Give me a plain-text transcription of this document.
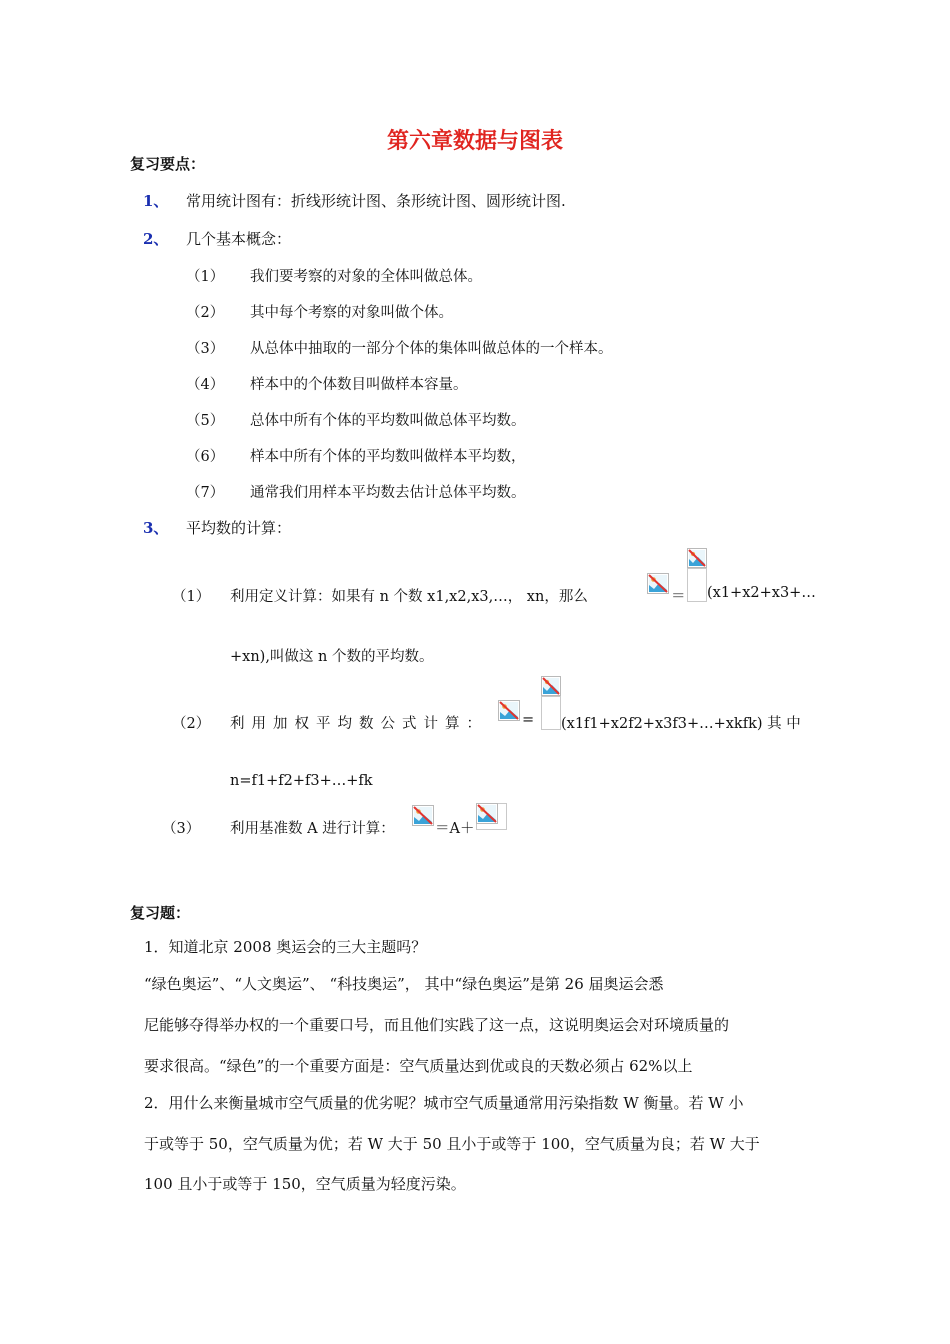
第六章数据与图表
复习要点：
1、 常用统计图有：折线形统计图、条形统计图、圆形统计图.
2、 几个基本概念：
（1） 我们要考察的对象的全体叫做总体。
（2） 其中每个考察的对象叫做个体。
（3） 从总体中抽取的一部分个体的集体叫做总体的一个样本。
（4） 样本中的个体数目叫做样本容量。
（5） 总体中所有个体的平均数叫做总体平均数。
（6） 样本中所有个体的平均数叫做样本平均数，
（7） 通常我们用样本平均数去估计总体平均数。
3、 平均数的计算：
（1） 利用定义计算：如果有 n 个数 x1,x2,x3,…， xn，那么	＝ (x1+x2+x3+…
+xn),叫做这 n 个数的平均数。
（2） 利用加权平均数公式计算： = (x1f1+x2f2+x3f3+…+xkfk) 其 中
n=f1+f2+f3+…+fk
（3） 利用基准数 A 进行计算：	＝A＋
复习题：
1．知道北京 2008 奥运会的三大主题吗？
“绿色奥运”、“人文奥运”、 “科技奥运”， 其中“绿色奥运”是第 26 届奥运会悉
尼能够夺得举办权的一个重要口号，而且他们实践了这一点，这说明奥运会对环境质量的
要求很高。“绿色”的一个重要方面是：空气质量达到优或良的天数必须占 62%以上
2．用什么来衡量城市空气质量的优劣呢？城市空气质量通常用污染指数 W 衡量。若 W 小
于或等于 50，空气质量为优；若 W 大于 50 且小于或等于 100，空气质量为良；若 W 大于
100 且小于或等于 150，空气质量为轻度污染。
